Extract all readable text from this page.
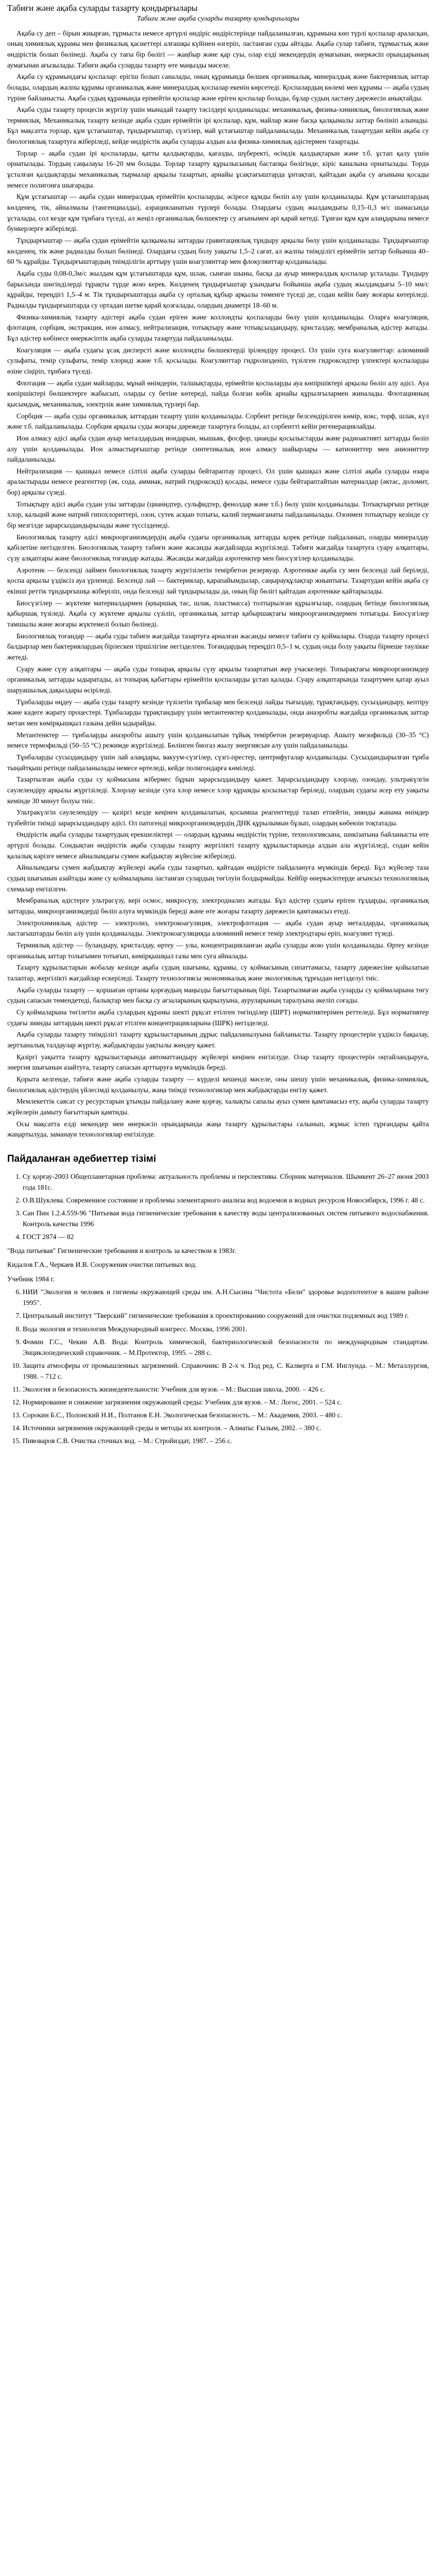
Табиғи және ақаба суларды тазарту қондырғылары

Табиғи және ақаба суларды тазарту қондырғылары

Ақаба су деп – бірын жиырған, тұрмыста немесе әртүрлі өндіріс өндірістерінде пайдаланылған, құрамына көп түрлі қоспалар араласқан, оның химиялық құрамы мен физикалық қасиеттері алғашқы күйінен өзгеріп, ластанған суды айтады. Ақаба сулар табиғи, тұрмыстық және өндірістік болып бөлінеді. Ақаба су тағы бір бөлігі — жаңбыр және қар суы, олар елді мекендердің аумағынан, өнеркәсіп орындарының аумағынан ағызылады. Табиғи ақаба суларды тазарту өте маңызды мәселе.

Ақаба су құрамындағы қоспалар: ерігіш болып саналады, оның құрамында бөлшек органикалық, минералдық және бактериялық заттар болады, олардың жалпы құрамы органикалық және минералдық қоспалар екенін көрсетеді. Қоспалардың көлемі мен құрамы — ақаба судың түріне байланысты. Ақаба судың құрамында ерімейтін қоспалар және еріген қоспалар болады, бұлар судың ластану дәрежесін анықтайды.

Ақаба суды тазарту процесін жүргізу үшін мынадай тазарту тәсілдері қолданылады: механикалық, физика-химиялық, биологиялық және термиялық. Механикалық тазарту кезінде ақаба судан ерімейтін ірі қоспалар, құм, майлар және басқа қалқымалы заттар бөлініп алынады. Бұл мақсатта торлар, құм ұстағыштар, тұндырғыштар, сүзгілер, май ұстағыштар пайдаланылады. Механикалық тазартудан кейін ақаба су биологиялық тазартуға жіберіледі, кейде өндірістік ақаба суларды алдын ала физика-химиялық әдістермен тазартады.

Торлар – ақаба судан ірі қоспаларды, қатты қалдықтарды, қағазды, шүберекті, өсімдік қалдықтарын және т.б. ұстап қалу үшін орнатылады. Тордың саңылауы 16–20 мм болады. Торлар тазарту құрылысының бастапқы бөлігінде, кіріс каналына орнатылады. Торда ұсталған қалдықтарды механикалық тырмалар арқылы тазартып, арнайы ұсақтағыштарда ұнтақтап, қайтадан ақаба су ағынына қосады немесе полигонға шығарады.

Құм ұстағыштар — ақаба судан минералдық ерімейтін қоспаларды, әсіресе құмды бөліп алу үшін қолданылады. Құм ұстағыштардың көлденең, тік, айналмалы (тангенциалды), аэрацияланатын түрлері болады. Олардағы судың жылдамдығы 0,15–0,3 м/с шамасында ұсталады, сол кезде құм тұнбаға түседі, ал жеңіл органикалық бөлшектер су ағынымен әрі қарай кетеді. Тұнған құм құм алаңдарына немесе бункерлерге жіберіледі.

Тұндырғыштар — ақаба судан ерімейтін қалқымалы заттарды гравитациялық тұндыру арқылы бөлу үшін қолданылады. Тұндырғыштар көлденең, тік және радиалды болып бөлінеді. Олардағы судың болу уақыты 1,5–2 сағат, ал жалпы тиімділігі ерімейтін заттар бойынша 40–60 % құрайды. Тұндырғыштардың тиімділігін арттыру үшін коагулянттар мен флокулянттар қолданылады.

Ақаба суды 0,08-0,3м/с жылдам құм ұстағыштарда құм, шлак, сынған шыны, басқа да ауыр минералдық қоспалар ұсталады. Тұндыру барысында шөгінділерді тұрақты түрде жою керек. Көлденең тұндырғыштар ұзындығы бойынша ақаба судың жылдамдығы 5–10 мм/с құрайды, тереңдігі 1,5–4 м. Тік тұндырғыштарда ақаба су орталық құбыр арқылы төменге түседі де, содан кейін баяу жоғары көтеріледі. Радиалды тұндырғыштарда су ортадан шетке қарай қозғалады, олардың диаметрі 18–60 м.

Физика-химиялық тазарту әдістері ақаба судан еріген және коллоидты қоспаларды бөлу үшін қолданылады. Оларға коагуляция, флотация, сорбция, экстракция, ион алмасу, нейтрализация, тотықтыру және тотықсыздандыру, кристалдау, мембраналық әдістер жатады. Бұл әдістер көбінесе өнеркәсіптік ақаба суларды тазартуда пайдаланылады.

Коагуляция — ақаба судағы ұсақ дисперсті және коллоидты бөлшектерді ірілендіру процесі. Ол үшін суға коагулянттар: алюминий сульфаты, темір сульфаты, темір хлориді және т.б. қосылады. Коагулянттар гидролизденіп, түзілген гидроксидтер үлпектері қоспаларды өзіне сіңіріп, тұнбаға түседі.

Флотация — ақаба судан майларды, мұнай өнімдерін, талшықтарды, ерімейтін қоспаларды ауа көпіршіктері арқылы бөліп алу әдісі. Ауа көпіршіктері бөлшектерге жабысып, оларды су бетіне көтереді, пайда болған көбік арнайы құрылғылармен жиналады. Флотацияның қысымдық, механикалық, электрлік және химиялық түрлері бар.

Сорбция — ақаба суды органикалық заттардан тазарту үшін қолданылады. Сорбент ретінде белсендірілген көмір, кокс, торф, шлак, күл және т.б. пайдаланылады. Сорбция арқылы суды жоғары дәрежеде тазартуға болады, ал сорбентті кейін регенерациялайды.

Ион алмасу әдісі ақаба судан ауыр металдардың иондарын, мышьяк, фосфор, цианды қосылыстарды және радиоактивті заттарды бөліп алу үшін қолданылады. Ион алмастырғыштар ретінде синтетикалық ион алмасу шайырлары — катиониттер мен аниониттер пайдаланылады.

Нейтрализация — қышқыл немесе сілтілі ақаба суларды бейтараптау процесі. Ол үшін қышқыл және сілтілі ақаба суларды өзара араластырады немесе реагенттер (әк, сода, аммиак, натрий гидроксиді) қосады, немесе суды бейтараптайтын материалдар (әктас, доломит, бор) арқылы сүзеді.

Тотықтыру әдісі ақаба судан улы заттарды (цианидтер, сульфидтер, фенолдар және т.б.) бөлу үшін қолданылады. Тотықтырғыш ретінде хлор, кальций және натрий гипохлориттері, озон, сутек асқын тотығы, калий перманганаты пайдаланылады. Озонмен тотықтыру кезінде су бір мезгілде зарарсыздандырылады және түссізденеді.

Биологиялық тазарту әдісі микроорганизмдердің ақаба судағы органикалық заттарды қорек ретінде пайдаланып, оларды минералдау қабілетіне негізделген. Биологиялық тазарту табиғи және жасанды жағдайларда жүргізіледі. Табиғи жағдайда тазартуға суару алқаптары, сүзу алқаптары және биологиялық тоғандар жатады. Жасанды жағдайда аэротенктер мен биосүзгілер қолданылады.

Аэротенк — белсенді лаймен биологиялық тазарту жүргізілетін темірбетон резервуар. Аэротенкке ақаба су мен белсенді лай беріледі, қоспа арқылы үздіксіз ауа үрленеді. Белсенді лай — бактериялар, қарапайымдылар, саңырауқұлақтар жиынтығы. Тазартудан кейін ақаба су екінші реттік тұндырғышқа жіберіліп, онда белсенді лай тұндырылады да, оның бір бөлігі қайтадан аэротенкке қайтарылады.

Биосүзгілер — жүктеме материалдармен (қиыршық тас, шлак, пластмасса) толтырылған құрылғылар, олардың бетінде биологиялық қабыршақ түзіледі. Ақаба су жүктеме арқылы сүзіліп, органикалық заттар қабыршақтағы микроорганизмдермен тотығады. Биосүзгілер тамшылы және жоғары жүктемелі болып бөлінеді.

Биологиялық тоғандар — ақаба суды табиғи жағдайда тазартуға арналған жасанды немесе табиғи су қоймалары. Оларда тазарту процесі балдырлар мен бактериялардың бірлескен тіршілігіне негізделген. Тоғандардың тереңдігі 0,5–1 м, судың онда болу уақыты бірнеше тәулікке жетеді.

Суару және сүзу алқаптары — ақаба суды топырақ арқылы сүзу арқылы тазартатын жер учаскелері. Топырақтағы микроорганизмдер органикалық заттарды ыдыратады, ал топырақ қабаттары ерімейтін қоспаларды ұстап қалады. Суару алқаптарында тазартумен қатар ауыл шаруашылық дақылдары өсіріледі.

Тұнбаларды өңдеу — ақаба суды тазарту кезінде түзілетін тұнбалар мен белсенді лайды тығыздау, тұрақтандыру, сусыздандыру, кептіру және кәдеге жарату процестері. Тұнбаларды тұрақтандыру үшін метантенктер қолданылады, онда анаэробты жағдайда органикалық заттар метан мен көмірқышқыл газына дейін ыдырайды.

Метантенктер — тұнбаларды анаэробты ашыту үшін қолданылатын тұйық темірбетон резервуарлар. Ашыту мезофильді (30–35 °С) немесе термофильді (50–55 °С) режимде жүргізіледі. Бөлінген биогаз жылу энергиясын алу үшін пайдаланылады.

Тұнбаларды сусыздандыру үшін лай алаңдары, вакуум-сүзгілер, сүзгі-престер, центрифугалар қолданылады. Сусыздандырылған тұнба тыңайтқыш ретінде пайдаланылады немесе өртеледі, кейде полигондарға көміледі.

Тазартылған ақаба суды су қоймасына жібермес бұрын зарарсыздандыру қажет. Зарарсыздандыру хлорлау, озондау, ультракүлгін сәулелендіру арқылы жүргізіледі. Хлорлау кезінде суға хлор немесе хлор құрамды қосылыстар беріледі, олардың судағы әсер ету уақыты кемінде 30 минут болуы тиіс.

Ультракүлгін сәулелендіру — қазіргі кезде кеңінен қолданылатын, қосымша реагенттерді талап етпейтін, зиянды жанама өнімдер түзбейтін тиімді зарарсыздандыру әдісі. Ол патогенді микроорганизмдердің ДНК құрылымын бұзып, олардың көбеюін тоқтатады.

Өндірістік ақаба суларды тазартудың ерекшеліктері — олардың құрамы өндірістің түріне, технологиясына, шикізатына байланысты өте әртүрлі болады. Сондықтан өндірістік ақаба суларды тазарту жергілікті тазарту құрылыстарында алдын ала жүргізіледі, содан кейін қалалық кәрізге немесе айналымдағы сумен жабдықтау жүйесіне жіберіледі.

Айналымдағы сумен жабдықтау жүйелері ақаба суды тазартып, қайтадан өндірісте пайдалануға мүмкіндік береді. Бұл жүйелер таза судың шығынын азайтады және су қоймаларына ластанған сулардың төгілуін болдырмайды. Кейбір өнеркәсіптерде ағынсыз технологиялық схемалар енгізілген.

Мембраналық әдістерге ультрасүзу, кері осмос, микросүзу, электродиализ жатады. Бұл әдістер судағы еріген тұздарды, органикалық заттарды, микроорганизмдерді бөліп алуға мүмкіндік береді және өте жоғары тазарту дәрежесін қамтамасыз етеді.

Электрохимиялық әдістер — электролиз, электрокоагуляция, электрофлотация — ақаба судан ауыр металдарды, органикалық ластағыштарды бөліп алу үшін қолданылады. Электрокоагуляцияда алюминий немесе темір электродтары еріп, коагулянт түзеді.

Термиялық әдістер — буландыру, кристалдау, өртеу — улы, концентрацияланған ақаба суларды жою үшін қолданылады. Өртеу кезінде органикалық заттар толығымен тотығып, көмірқышқыл газы мен суға айналады.

Тазарту құрылыстарын жобалау кезінде ақаба судың шығыны, құрамы, су қоймасының сипаттамасы, тазарту дәрежесіне қойылатын талаптар, жергілікті жағдайлар ескеріледі. Тазарту технологиясы экономикалық және экологиялық тұрғыдан негізделуі тиіс.

Ақаба суларды тазарту — қоршаған ортаны қорғаудың маңызды бағыттарының бірі. Тазартылмаған ақаба суларды су қоймаларына төгу судың сапасын төмендетеді, балықтар мен басқа су ағзаларының қырылуына, ауруларының таралуына әкеліп соғады.

Су қоймаларына төгілетін ақаба сулардың құрамы шекті рұқсат етілген төгінділер (ШРТ) нормативтерімен реттеледі. Бұл нормативтер судағы зиянды заттардың шекті рұқсат етілген концентрацияларына (ШРК) негізделеді.

Ақаба суларды тазарту тиімділігі тазарту құрылыстарының дұрыс пайдаланылуына байланысты. Тазарту процестерін үздіксіз бақылау, зертханалық талдаулар жүргізу, жабдықтарды уақтылы жөндеу қажет.

Қазіргі уақытта тазарту құрылыстарында автоматтандыру жүйелері кеңінен енгізілуде. Олар тазарту процестерін оңтайландыруға, энергия шығынын азайтуға, тазарту сапасын арттыруға мүмкіндік береді.

Қорыта келгенде, табиғи және ақаба суларды тазарту — күрделі кешенді мәселе, оны шешу үшін механикалық, физика-химиялық, биологиялық әдістердің үйлесімді қолданылуы, жаңа тиімді технологиялар мен жабдықтарды енгізу қажет.

Мемлекеттік саясат су ресурстарын ұтымды пайдалану және қорғау, халықты сапалы ауыз сумен қамтамасыз ету, ақаба суларды тазарту жүйелерін дамыту бағыттарын қамтиды.

Осы мақсатта елді мекендер мен өнеркәсіп орындарында жаңа тазарту құрылыстары салынып, жұмыс істеп тұрғандары қайта жаңартылуда, заманауи технологиялар енгізілуде.

Пайдаланған әдебиеттер тізімі
1. Су қорғау-2003 Общепланетарная проблема: актуальность проблемы и перспективы. Сборник материалов. Шымкент 26–27 июня 2003 года 181с.
2. О.В.Шуклева. Современное состояние и проблемы элементарного анализа вод водоемов и водных ресурсов Новосибирск, 1996 г. 48 с.
3. Сан Пин 1.2.4.559-96 "Питьевая вода гигиенические требования к качеству воды централизованных систем питьевого водоснабжения. Контроль качества 1996
4. ГОСТ 2874 — 82

"Вода питьевая" Гигиенические требования и контроль за качеством в 1983г.

Кидалов Г.А., Черкаев И.В. Сооружения очистки питьевых вод.

Учебник 1984 г.

6. НИИ "Экология и человек и гигиены окружающей среды им. А.Н.Сысина "Чистота «Бели" здоровье водопотентое в вашем районе 1995".
7. Центральный институт "Тверский" гигиенические требования к проектированию сооружений для очистки подземных вод 1989 г.
8. Вода экология и технология Международный конгресс. Москва, 1996 2001.
9. Фомин Г.С., Чекин А.В. Вода: Контроль химической, бактериологической безопасности по международным стандартам. Энциклопедический справочник. – М.Протектор, 1995. – 288 с.
10. Защита атмосферы от промышленных загрязнений. Справочник: В 2-х ч. Под ред. С. Калверта и Г.М. Инглунда. – М.: Металлургия, 1988. – 712 с.
11. Экология и безопасность жизнедеятельности: Учебник для вузов. – М.: Высшая школа, 2000. – 426 с.
12. Нормирование и снижение загрязнения окружающей среды: Учебник для вузов. – М.: Логос, 2001. – 524 с.
13. Сорокин Б.С., Полонский Н.И., Полтанов Е.Н. Экологическая безопасность. – М.: Академия, 2003. – 480 с.
14. Источники загрязнения окружающей среды и методы их контроля. – Алматы: Ғылым, 2002. – 380 с.
15. Пивоваров С.В. Очистка сточных вод. – М.: Стройиздат, 1987. – 256 с.
